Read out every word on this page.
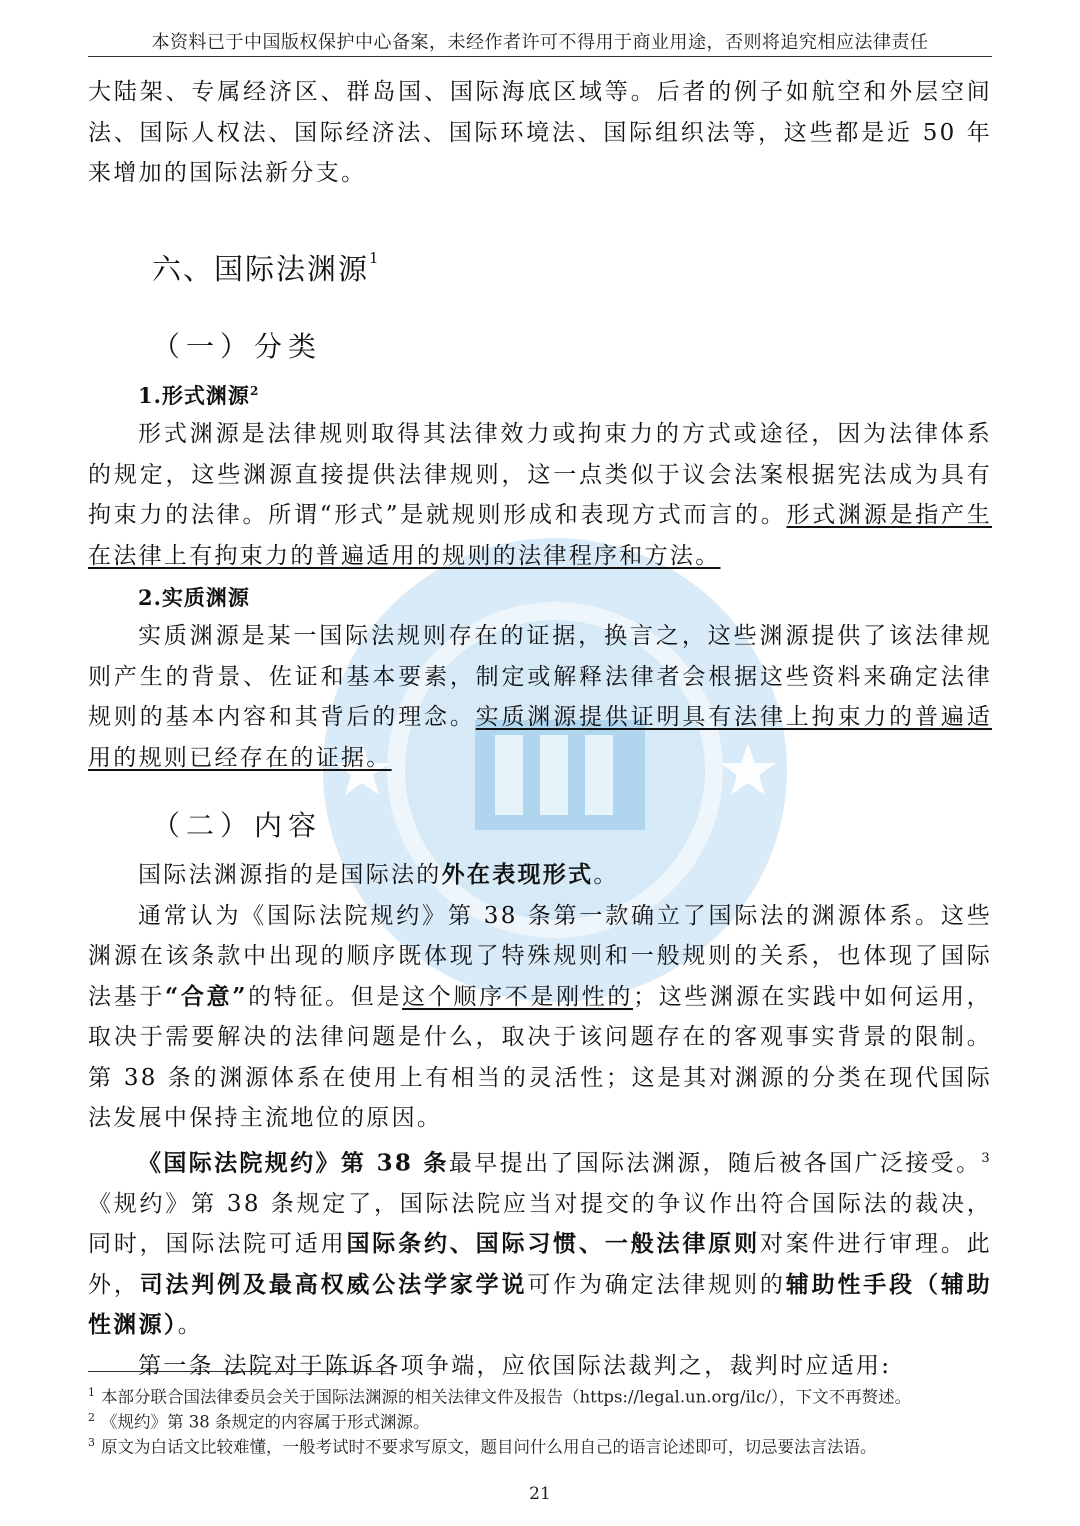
本资料已于中国版权保护中心备案，未经作者许可不得用于商业用途，否则将追究相应法律责任

大陆架、专属经济区、群岛国、国际海底区域等。后者的例子如航空和外层空间法、国际人权法、国际经济法、国际环境法、国际组织法等，这些都是近 50 年来增加的国际法新分支。

六、国际法渊源$^1$
（一）分类
1.形式渊源$^2$

形式渊源是法律规则取得其法律效力或拘束力的方式或途径，因为法律体系的规定，这些渊源直接提供法律规则，这一点类似于议会法案根据宪法成为具有拘束力的法律。所谓“形式”是就规则形成和表现方式而言的。形式渊源是指产生在法律上有拘束力的普遍适用的规则的法律程序和方法。

2.实质渊源

实质渊源是某一国际法规则存在的证据，换言之，这些渊源提供了该法律规则产生的背景、佐证和基本要素，制定或解释法律者会根据这些资料来确定法律规则的基本内容和其背后的理念。实质渊源提供证明具有法律上拘束力的普遍适用的规则已经存在的证据。

（二）内容

国际法渊源指的是国际法的外在表现形式。

通常认为《国际法院规约》第 38 条第一款确立了国际法的渊源体系。这些渊源在该条款中出现的顺序既体现了特殊规则和一般规则的关系，也体现了国际法基于“合意”的特征。但是这个顺序不是刚性的；这些渊源在实践中如何运用，取决于需要解决的法律问题是什么，取决于该问题存在的客观事实背景的限制。第 38 条的渊源体系在使用上有相当的灵活性；这是其对渊源的分类在现代国际法发展中保持主流地位的原因。

《国际法院规约》第 38 条最早提出了国际法渊源，随后被各国广泛接受。$^3$《规约》第 38 条规定了，国际法院应当对提交的争议作出符合国际法的裁决，同时，国际法院可适用国际条约、国际习惯、一般法律原则对案件进行审理。此外，司法判例及最高权威公法学家学说可作为确定法律规则的辅助性手段（辅助性渊源）。

第一条 法院对于陈诉各项争端，应依国际法裁判之，裁判时应适用:

$^1$ 本部分联合国法律委员会关于国际法渊源的相关法律文件及报告（https://legal.un.org/ilc/），下文不再赘述。
$^2$ 《规约》第 38 条规定的内容属于形式渊源。
$^3$ 原文为白话文比较难懂，一般考试时不要求写原文，题目问什么用自己的语言论述即可，切忌要法言法语。
21
